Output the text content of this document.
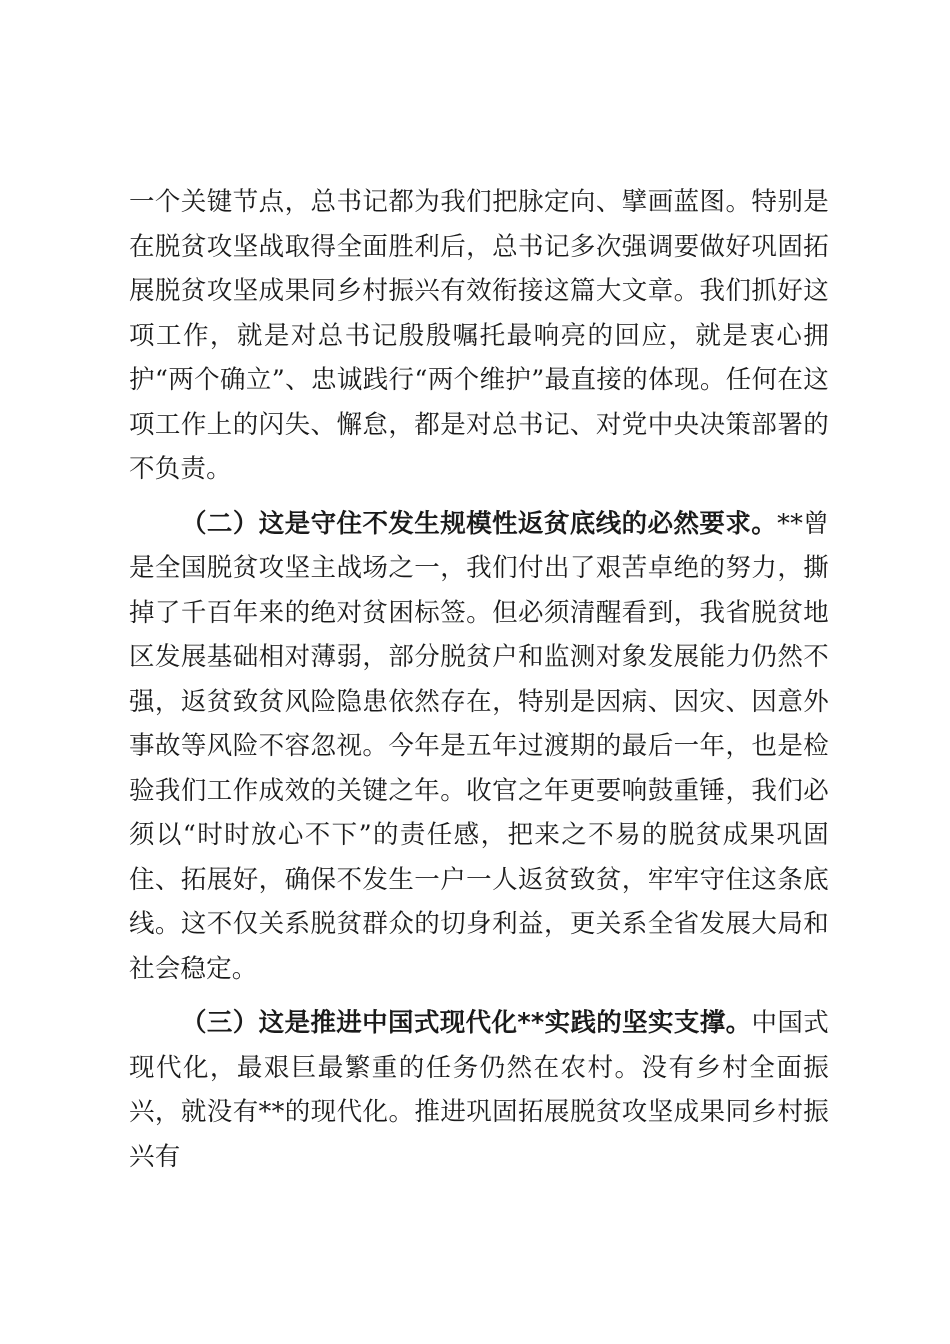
一个关键节点，总书记都为我们把脉定向、擘画蓝图。特别是在脱贫攻坚战取得全面胜利后，总书记多次强调要做好巩固拓展脱贫攻坚成果同乡村振兴有效衔接这篇大文章。我们抓好这项工作，就是对总书记殷殷嘱托最响亮的回应，就是衷心拥护“两个确立”、忠诚践行“两个维护”最直接的体现。任何在这项工作上的闪失、懈怠，都是对总书记、对党中央决策部署的不负责。

（二）这是守住不发生规模性返贫底线的必然要求。**曾是全国脱贫攻坚主战场之一，我们付出了艰苦卓绝的努力，撕掉了千百年来的绝对贫困标签。但必须清醒看到，我省脱贫地区发展基础相对薄弱，部分脱贫户和监测对象发展能力仍然不强，返贫致贫风险隐患依然存在，特别是因病、因灾、因意外事故等风险不容忽视。今年是五年过渡期的最后一年，也是检验我们工作成效的关键之年。收官之年更要响鼓重锤，我们必须以“时时放心不下”的责任感，把来之不易的脱贫成果巩固住、拓展好，确保不发生一户一人返贫致贫，牢牢守住这条底线。这不仅关系脱贫群众的切身利益，更关系全省发展大局和社会稳定。

（三）这是推进中国式现代化**实践的坚实支撑。中国式现代化，最艰巨最繁重的任务仍然在农村。没有乡村全面振兴，就没有**的现代化。推进巩固拓展脱贫攻坚成果同乡村振兴有
